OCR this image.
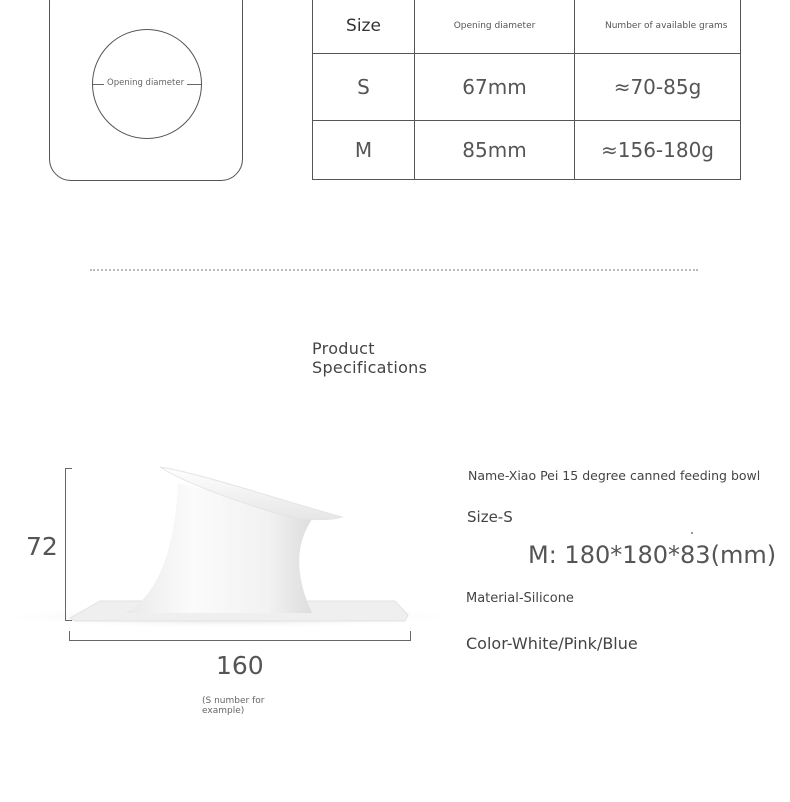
Opening diameter
Size	Opening diameter	Number of available grams
S	67mm	≈70-85g
M	85mm	≈156-180g
Product Specifications
72
160
(S number for example)
Name-Xiao Pei 15 degree canned feeding bowl
Size-S
M: 180*180*83(mm)
Material-Silicone
Color-White/Pink/Blue
